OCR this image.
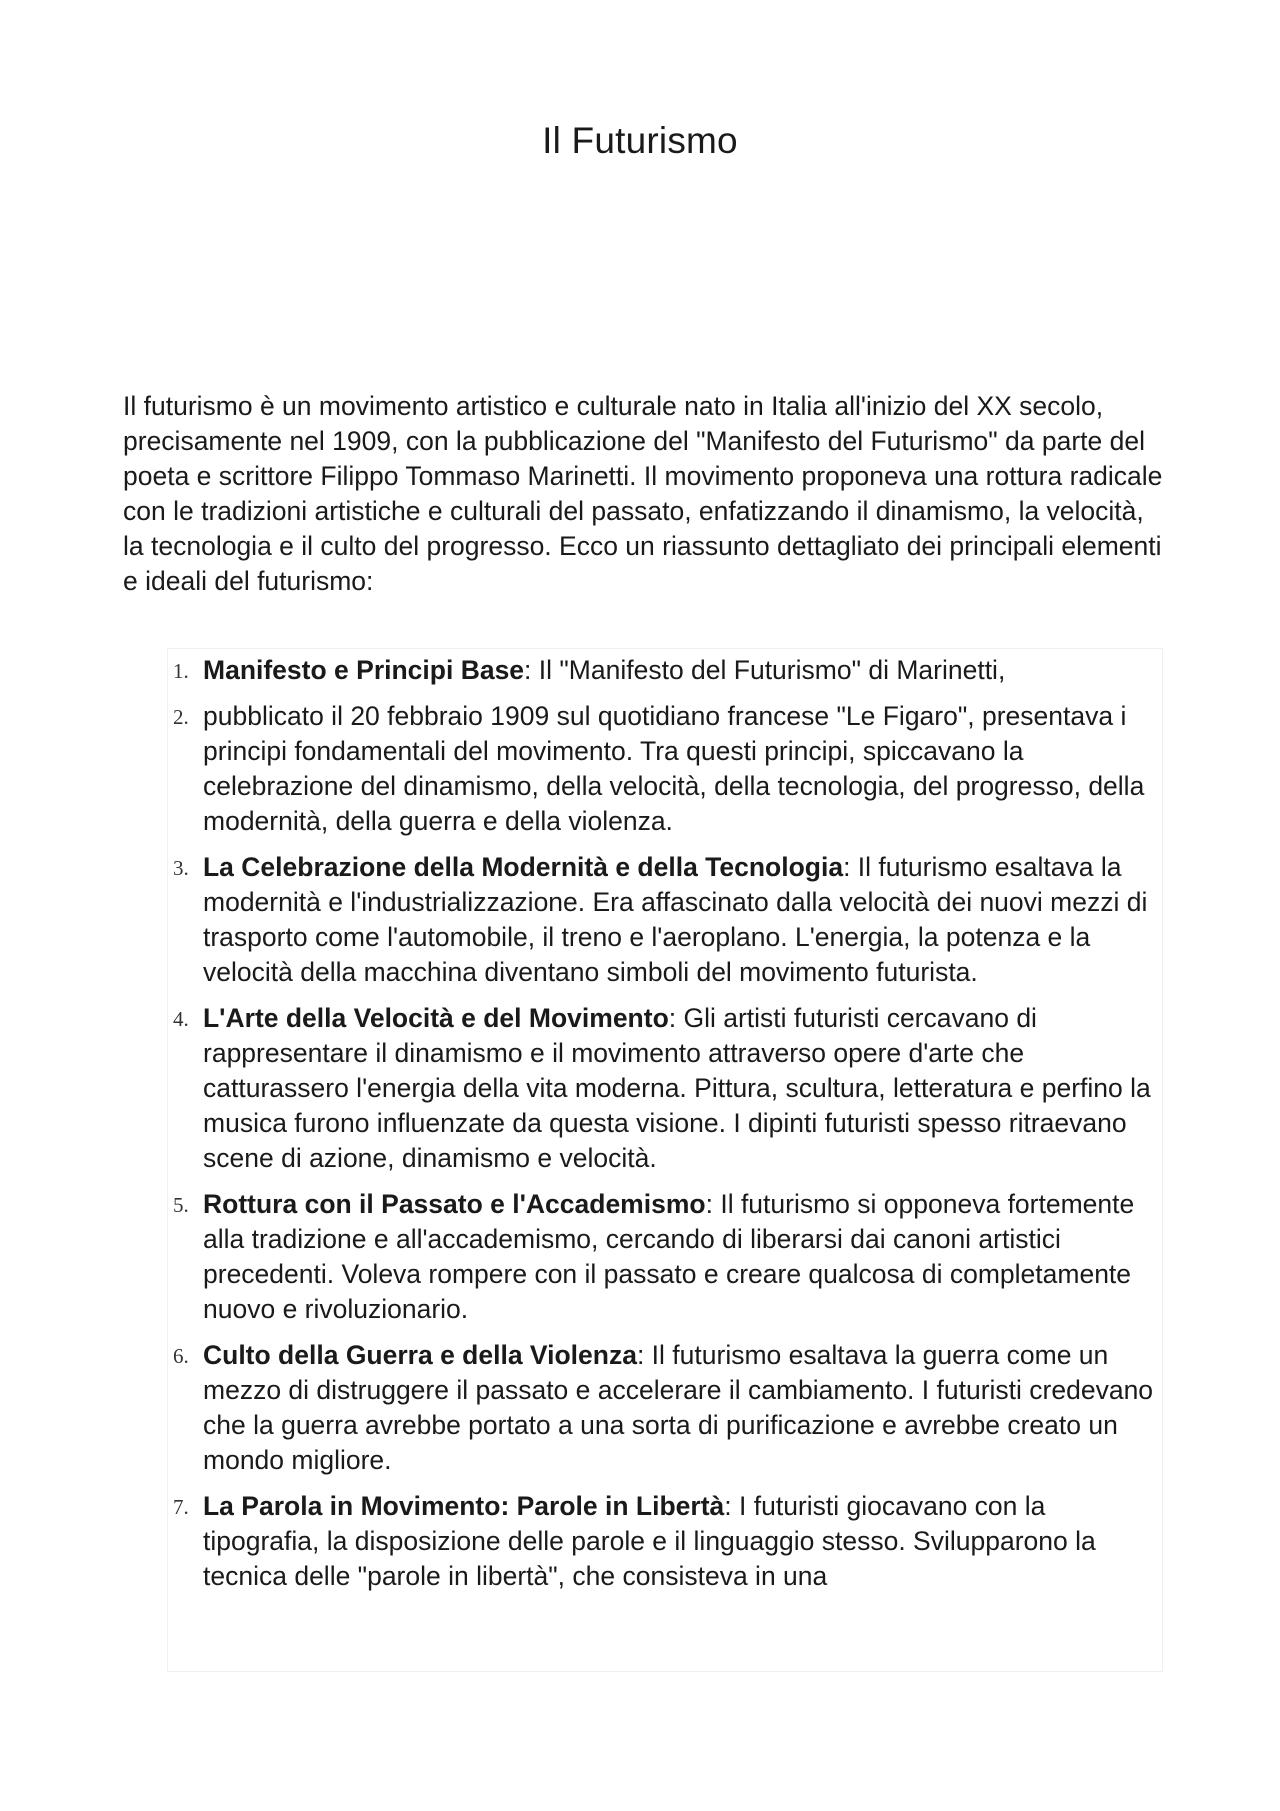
Il Futurismo

Il futurismo è un movimento artistico e culturale nato in Italia all'inizio del XX secolo, precisamente nel 1909, con la pubblicazione del "Manifesto del Futurismo" da parte del poeta e scrittore Filippo Tommaso Marinetti. Il movimento proponeva una rottura radicale con le tradizioni artistiche e culturali del passato, enfatizzando il dinamismo, la velocità, la tecnologia e il culto del progresso. Ecco un riassunto dettagliato dei principali elementi e ideali del futurismo:

1. Manifesto e Principi Base: Il "Manifesto del Futurismo" di Marinetti,
2. pubblicato il 20 febbraio 1909 sul quotidiano francese "Le Figaro", presentava i principi fondamentali del movimento. Tra questi principi, spiccavano la celebrazione del dinamismo, della velocità, della tecnologia, del progresso, della modernità, della guerra e della violenza.
3. La Celebrazione della Modernità e della Tecnologia: Il futurismo esaltava la modernità e l'industrializzazione. Era affascinato dalla velocità dei nuovi mezzi di trasporto come l'automobile, il treno e l'aeroplano. L'energia, la potenza e la velocità della macchina diventano simboli del movimento futurista.
4. L'Arte della Velocità e del Movimento: Gli artisti futuristi cercavano di rappresentare il dinamismo e il movimento attraverso opere d'arte che catturassero l'energia della vita moderna. Pittura, scultura, letteratura e perfino la musica furono influenzate da questa visione. I dipinti futuristi spesso ritraevano scene di azione, dinamismo e velocità.
5. Rottura con il Passato e l'Accademismo: Il futurismo si opponeva fortemente alla tradizione e all'accademismo, cercando di liberarsi dai canoni artistici precedenti. Voleva rompere con il passato e creare qualcosa di completamente nuovo e rivoluzionario.
6. Culto della Guerra e della Violenza: Il futurismo esaltava la guerra come un mezzo di distruggere il passato e accelerare il cambiamento. I futuristi credevano che la guerra avrebbe portato a una sorta di purificazione e avrebbe creato un mondo migliore.
7. La Parola in Movimento: Parole in Libertà: I futuristi giocavano con la tipografia, la disposizione delle parole e il linguaggio stesso. Svilupparono la tecnica delle "parole in libertà", che consisteva in una
